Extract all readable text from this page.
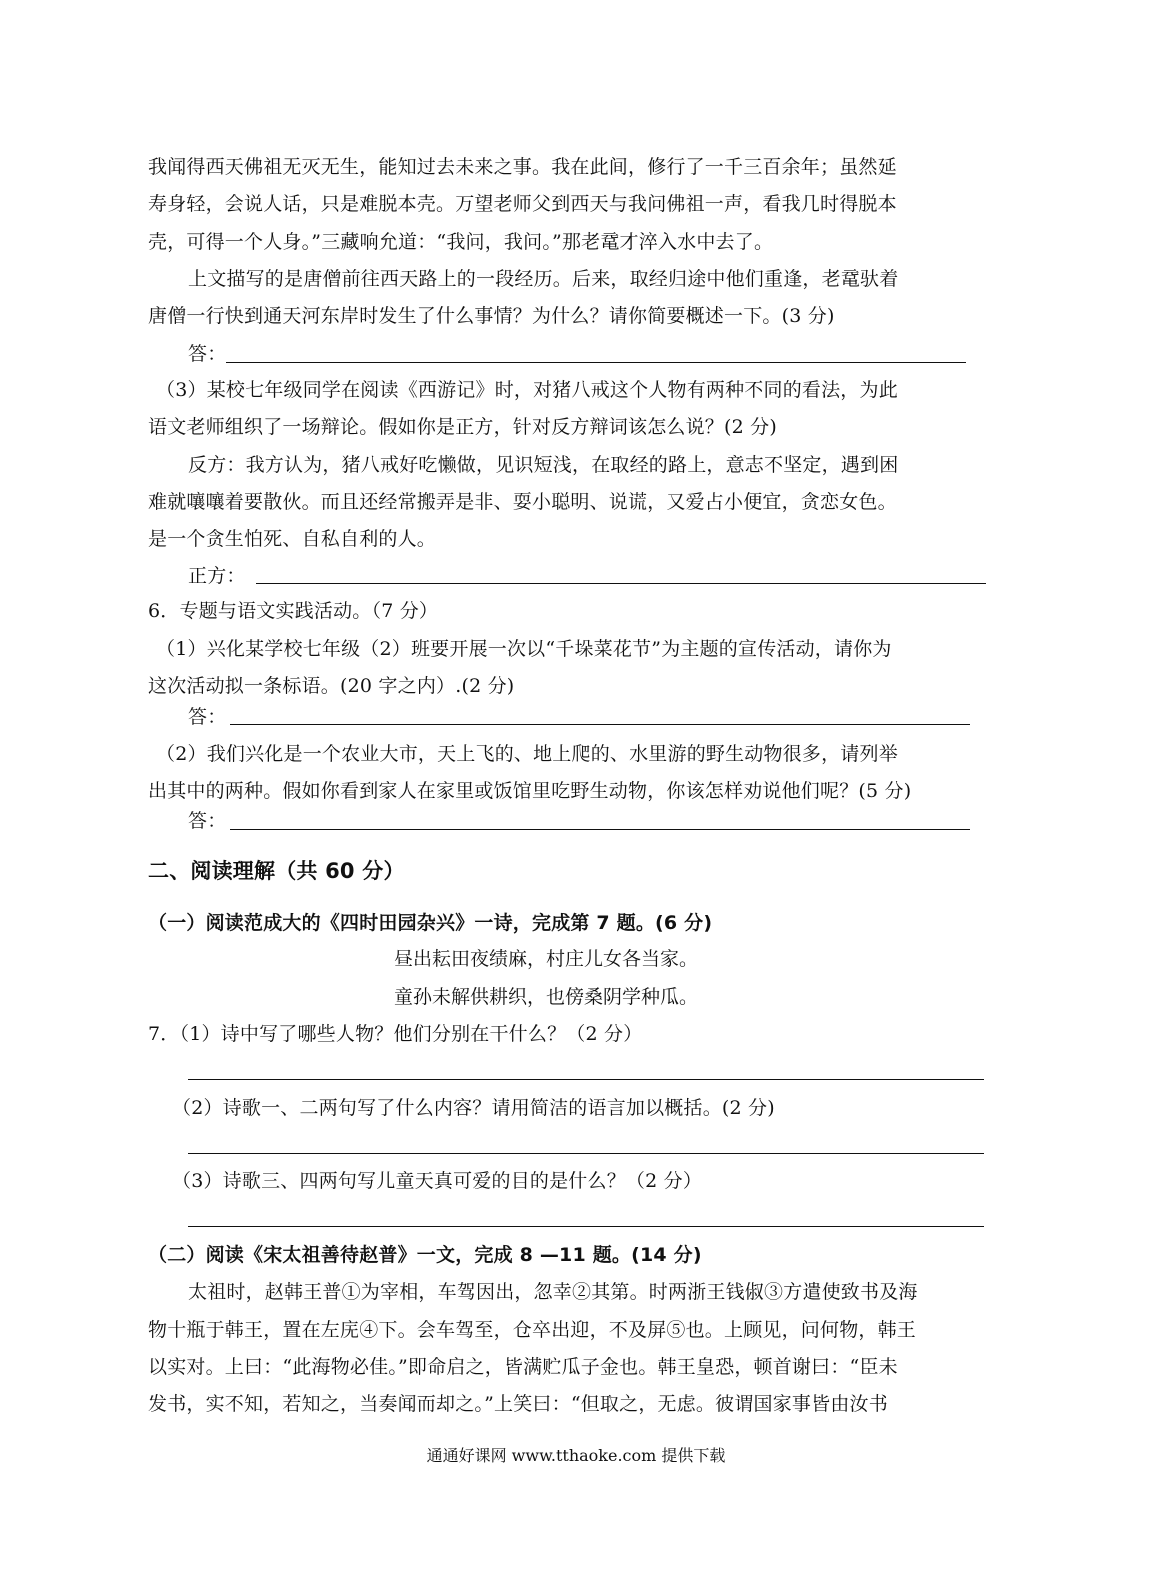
我闻得西天佛祖无灭无生，能知过去未来之事。我在此间，修行了一千三百余年；虽然延
寿身轻，会说人话，只是难脱本壳。万望老师父到西天与我问佛祖一声，看我几时得脱本
壳，可得一个人身。”三藏响允道：“我问，我问。”那老鼋才淬入水中去了。
上文描写的是唐僧前往西天路上的一段经历。后来，取经归途中他们重逢，老鼋驮着
唐僧一行快到通天河东岸时发生了什么事情？为什么？请你简要概述一下。(3 分)
答：
（3）某校七年级同学在阅读《西游记》时，对猪八戒这个人物有两种不同的看法，为此
语文老师组织了一场辩论。假如你是正方，针对反方辩词该怎么说？(2 分)
反方：我方认为，猪八戒好吃懒做，见识短浅，在取经的路上，意志不坚定，遇到困
难就嚷嚷着要散伙。而且还经常搬弄是非、耍小聪明、说谎，又爱占小便宜，贪恋女色。
是一个贪生怕死、自私自利的人。
正方：
6．专题与语文实践活动。（7 分）
（1）兴化某学校七年级（2）班要开展一次以“千垛菜花节”为主题的宣传活动，请你为
这次活动拟一条标语。(20 字之内）.(2 分)
答：
（2）我们兴化是一个农业大市，天上飞的、地上爬的、水里游的野生动物很多，请列举
出其中的两种。假如你看到家人在家里或饭馆里吃野生动物，你该怎样劝说他们呢？(5 分)
答：
二、阅读理解（共 60 分）
（一）阅读范成大的《四时田园杂兴》一诗，完成第 7 题。(6 分)
昼出耘田夜绩麻，村庄儿女各当家。
童孙未解供耕织，也傍桑阴学种瓜。
7．（1）诗中写了哪些人物？他们分别在干什么？（2 分）
（2）诗歌一、二两句写了什么内容？请用简洁的语言加以概括。(2 分)
（3）诗歌三、四两句写儿童天真可爱的目的是什么？（2 分）
（二）阅读《宋太祖善待赵普》一文，完成 8 —11 题。(14 分)
太祖时，赵韩王普①为宰相，车驾因出，忽幸②其第。时两浙王钱俶③方遣使致书及海
物十瓶于韩王，置在左庑④下。会车驾至，仓卒出迎，不及屏⑤也。上顾见，问何物，韩王
以实对。上曰：“此海物必佳。”即命启之，皆满贮瓜子金也。韩王皇恐，顿首谢曰：“臣未
发书，实不知，若知之，当奏闻而却之。”上笑曰：“但取之，无虑。彼谓国家事皆由汝书
通通好课网 www.tthaoke.com 提供下载
